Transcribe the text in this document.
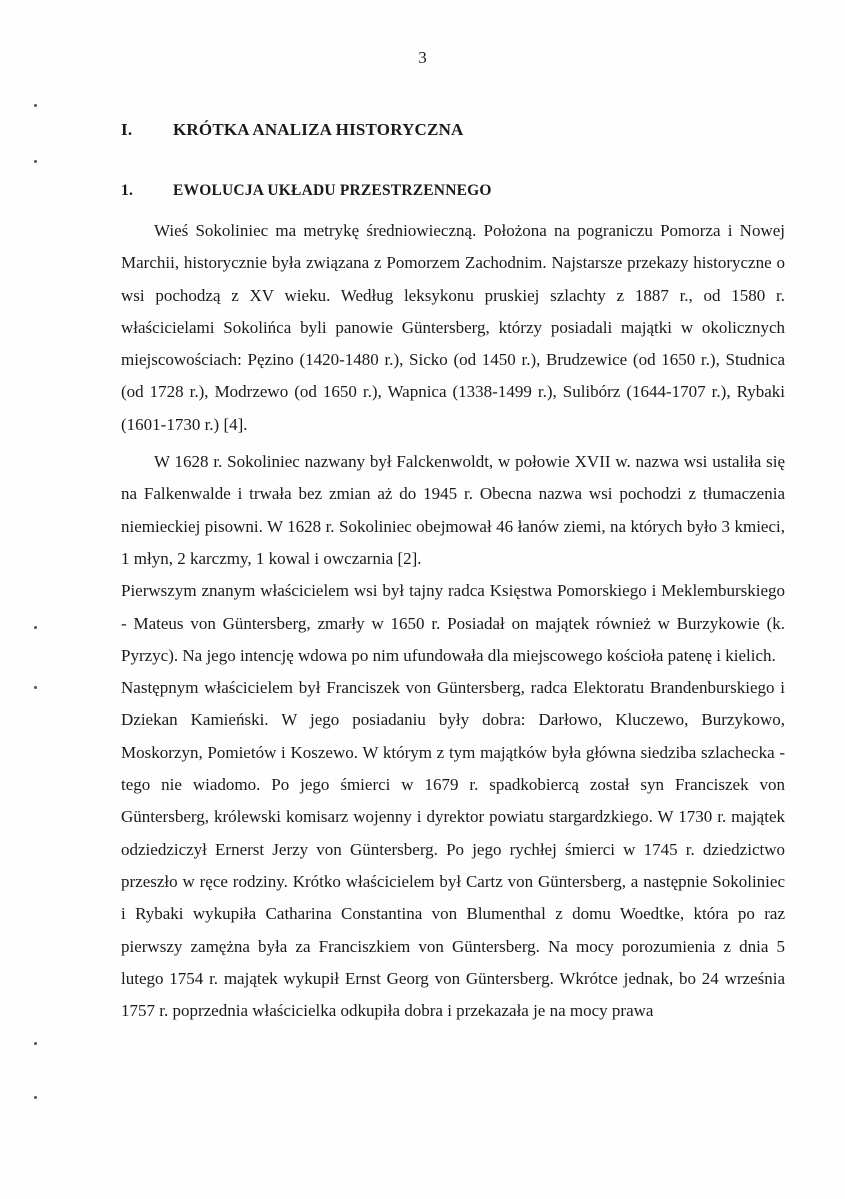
3
I. KRÓTKA ANALIZA HISTORYCZNA
1.	EWOLUCJA UKŁADU PRZESTRZENNEGO

Wieś Sokoliniec ma metrykę średniowieczną. Położona na pograniczu Pomorza i Nowej Marchii, historycznie była związana z Pomorzem Zachodnim. Najstarsze przekazy historyczne o wsi pochodzą z XV wieku. Według leksykonu pruskiej szlachty z 1887 r., od 1580 r. właścicielami Sokolińca byli panowie Güntersberg, którzy posiadali majątki w okolicznych miejscowościach: Pęzino (1420-1480 r.), Sicko (od 1450 r.), Brudzewice (od 1650 r.), Studnica (od 1728 r.), Modrzewo (od 1650 r.), Wapnica (1338-1499 r.), Sulibórz (1644-1707 r.), Rybaki (1601-1730 r.) [4].

W 1628 r. Sokoliniec nazwany był Falckenwoldt, w połowie XVII w. nazwa wsi ustaliła się na Falkenwalde i trwała bez zmian aż do 1945 r. Obecna nazwa wsi pochodzi z tłumaczenia niemieckiej pisowni. W 1628 r. Sokoliniec obejmował 46 łanów ziemi, na których było 3 kmieci, 1 młyn, 2 karczmy, 1 kowal i owczarnia [2].

Pierwszym znanym właścicielem wsi był tajny radca Księstwa Pomorskiego i Meklemburskiego - Mateus von Güntersberg, zmarły w 1650 r. Posiadał on majątek również w Burzykowie (k. Pyrzyc). Na jego intencję wdowa po nim ufundowała dla miejscowego kościoła patenę i kielich.

Następnym właścicielem był Franciszek von Güntersberg, radca Elektoratu Brandenburskiego i Dziekan Kamieński. W jego posiadaniu były dobra: Darłowo, Kluczewo, Burzykowo, Moskorzyn, Pomietów i Koszewo. W którym z tym majątków była główna siedziba szlachecka - tego nie wiadomo. Po jego śmierci w 1679 r. spadkobiercą został syn Franciszek von Güntersberg, królewski komisarz wojenny i dyrektor powiatu stargardzkiego. W 1730 r. majątek odziedziczył Ernerst Jerzy von Güntersberg. Po jego rychłej śmierci w 1745 r. dziedzictwo przeszło w ręce rodziny. Krótko właścicielem był Cartz von Güntersberg, a następnie Sokoliniec i Rybaki wykupiła Catharina Constantina von Blumenthal z domu Woedtke, która po raz pierwszy zamężna była za Franciszkiem von Güntersberg. Na mocy porozumienia z dnia 5 lutego 1754 r. majątek wykupił Ernst Georg von Güntersberg. Wkrótce jednak, bo 24 września 1757 r. poprzednia właścicielka odkupiła dobra i przekazała je na mocy prawa
